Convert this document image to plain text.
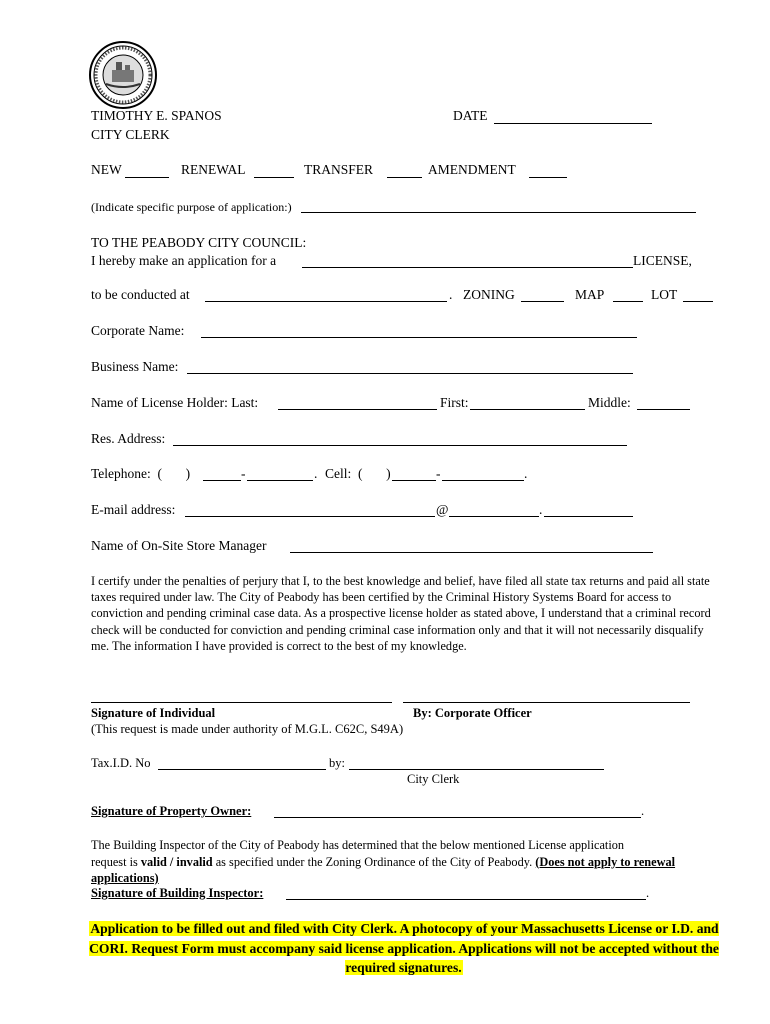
TIMOTHY E. SPANOS
CITY CLERK
DATE
NEW	RENEWAL	TRANSFER	AMENDMENT
(Indicate specific purpose of application:)
TO THE PEABODY CITY COUNCIL:
I hereby make an application for a	LICENSE,
to be conducted at	. ZONING	MAP	LOT
Corporate Name:
Business Name:
Name of License Holder: Last:	First:	Middle:
Res. Address:
Telephone:  (       )	-	. Cell:  (       )	-	.
E-mail address:	@	.
Name of On-Site Store Manager
I certify under the penalties of perjury that I, to the best knowledge and belief, have filed all state tax returns and paid all state taxes required under law. The City of Peabody has been certified by the Criminal History Systems Board for access to conviction and pending criminal case data. As a prospective license holder as stated above, I understand that a criminal record check will be conducted for conviction and pending criminal case information only and that it will not necessarily disqualify me. The information I have provided is correct to the best of my knowledge.
Signature of Individual	By: Corporate Officer
(This request is made under authority of M.G.L. C62C, S49A)
Tax.I.D. No	by:
City Clerk
Signature of Property Owner:	.
The Building Inspector of the City of Peabody has determined that the below mentioned License application
request is valid / invalid as specified under the Zoning Ordinance of the City of Peabody. (Does not apply to renewal applications)
Signature of Building Inspector:	.
Application to be filled out and filed with City Clerk. A photocopy of your Massachusetts License or I.D. and CORI. Request Form must accompany said license application. Applications will not be accepted without the required signatures.
